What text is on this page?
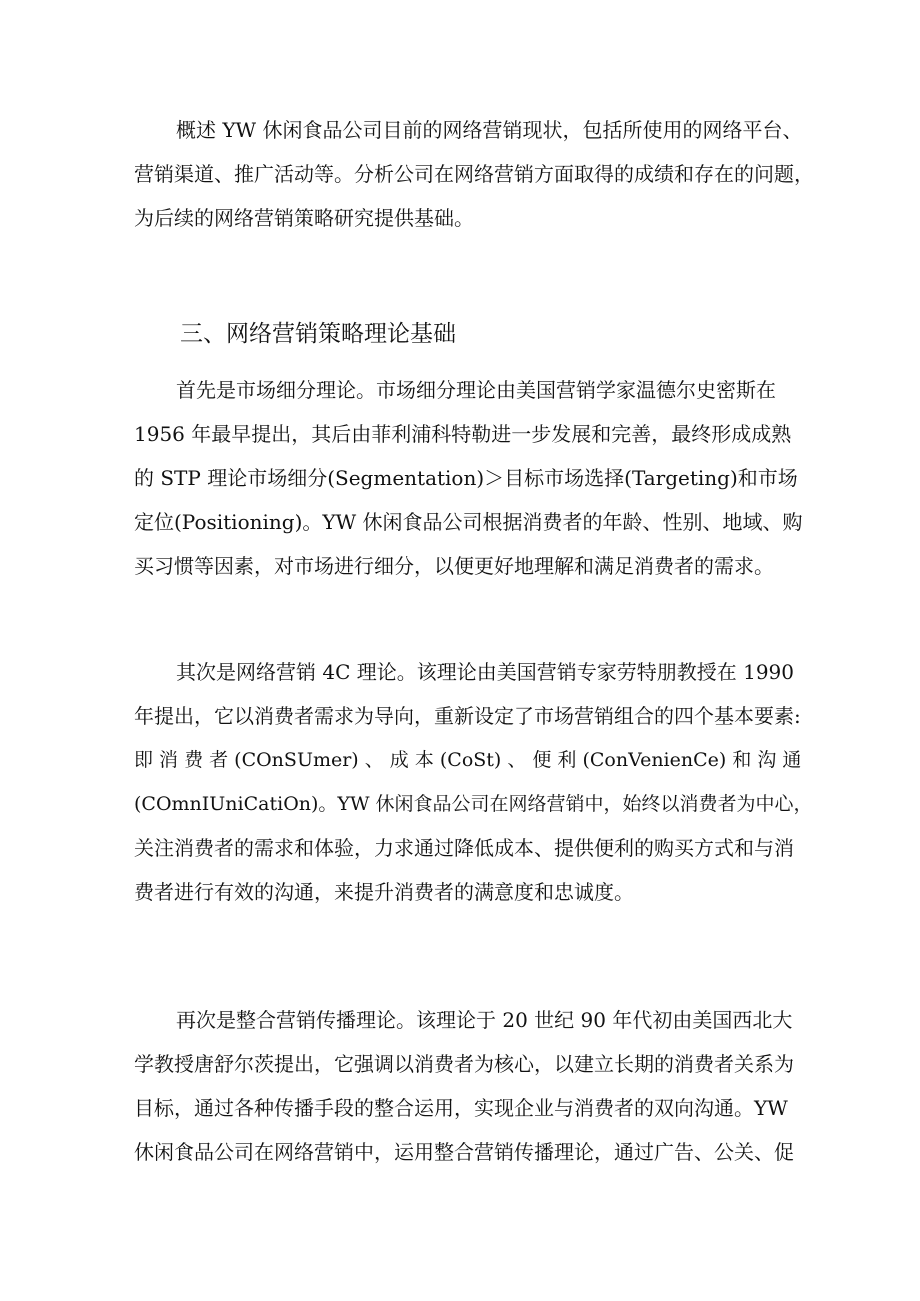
概述 YW 休闲食品公司目前的网络营销现状，包括所使用的网络平台、
营销渠道、推广活动等。分析公司在网络营销方面取得的成绩和存在的问题，
为后续的网络营销策略研究提供基础。
三、网络营销策略理论基础
首先是市场细分理论。市场细分理论由美国营销学家温德尔史密斯在
1956 年最早提出，其后由菲利浦科特勒进一步发展和完善，最终形成成熟
的 STP 理论市场细分(Segmentation)＞目标市场选择(Targeting)和市场
定位(Positioning)。YW 休闲食品公司根据消费者的年龄、性别、地域、购
买习惯等因素，对市场进行细分，以便更好地理解和满足消费者的需求。
其次是网络营销 4C 理论。该理论由美国营销专家劳特朋教授在 1990
年提出，它以消费者需求为导向，重新设定了市场营销组合的四个基本要素:
即 消 费 者 (COnSUmer) 、 成 本 (CoSt) 、 便 利 (ConVenienCe) 和 沟 通
(COmnIUniCatiOn)。YW 休闲食品公司在网络营销中，始终以消费者为中心，
关注消费者的需求和体验，力求通过降低成本、提供便利的购买方式和与消
费者进行有效的沟通，来提升消费者的满意度和忠诚度。
再次是整合营销传播理论。该理论于 20 世纪 90 年代初由美国西北大
学教授唐舒尔茨提出，它强调以消费者为核心，以建立长期的消费者关系为
目标，通过各种传播手段的整合运用，实现企业与消费者的双向沟通。YW
休闲食品公司在网络营销中，运用整合营销传播理论，通过广告、公关、促
